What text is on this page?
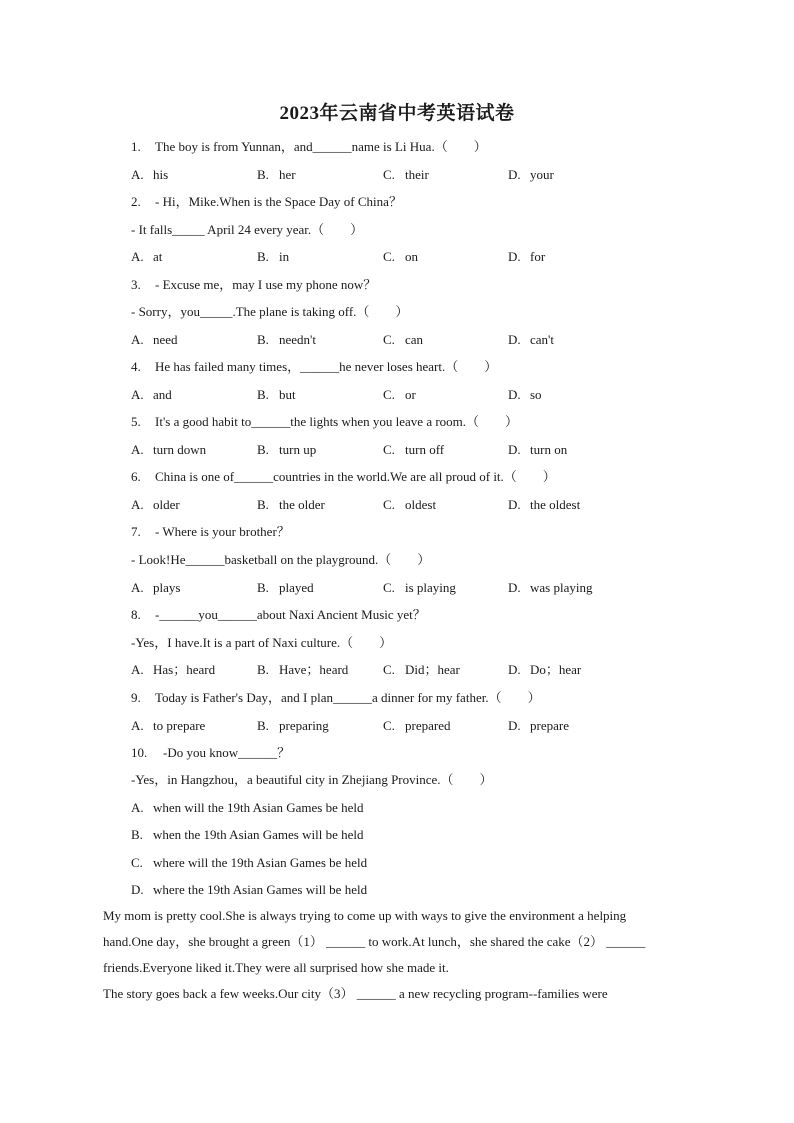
2023年云南省中考英语试卷
1. The boy is from Yunnan，and______name is Li Hua.（　　）
A. his	B. her	C. their	D. your
2. - Hi，Mike.When is the Space Day of China？
- It falls_____ April 24 every year.（　　）
A. at	B. in	C. on	D. for
3. - Excuse me，may I use my phone now？
- Sorry，you_____.The plane is taking off.（　　）
A. need	B. needn't	C. can	D. can't
4. He has failed many times，______he never loses heart.（　　）
A. and	B. but	C. or	D. so
5. It's a good habit to______the lights when you leave a room.（　　）
A. turn down	B. turn up	C. turn off	D. turn on
6. China is one of______countries in the world.We are all proud of it.（　　）
A. older	B. the older	C. oldest	D. the oldest
7. - Where is your brother？
- Look!He______basketball on the playground.（　　）
A. plays	B. played	C. is playing	D. was playing
8. -______you______about Naxi Ancient Music yet？
-Yes，I have.It is a part of Naxi culture.（　　）
A. Has；heard	B. Have；heard	C. Did；hear	D. Do；hear
9. Today is Father's Day，and I plan______a dinner for my father.（　　）
A. to prepare	B. preparing	C. prepared	D. prepare
10. -Do you know______？
-Yes，in Hangzhou，a beautiful city in Zhejiang Province.（　　）
A. when will the 19th Asian Games be held
B. when the 19th Asian Games will be held
C. where will the 19th Asian Games be held
D. where the 19th Asian Games will be held
My mom is pretty cool.She is always trying to come up with ways to give the environment a helping
hand.One day，she brought a green（1） ______ to work.At lunch，she shared the cake（2） ______
friends.Everyone liked it.They were all surprised how she made it.
The story goes back a few weeks.Our city（3） ______ a new recycling program--families were
